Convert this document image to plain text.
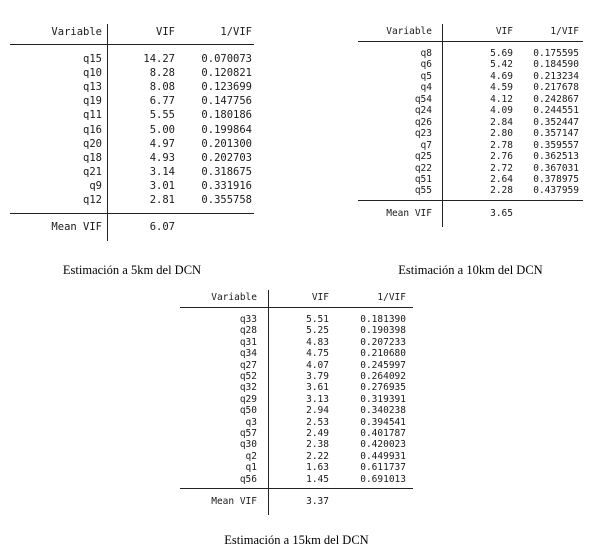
Variable	VIF	1/VIF
q15	14.27	0.070073
q10	8.28	0.120821
q13	8.08	0.123699
q19	6.77	0.147756
q11	5.55	0.180186
q16	5.00	0.199864
q20	4.97	0.201300
q18	4.93	0.202703
q21	3.14	0.318675
q9	3.01	0.331916
q12	2.81	0.355758
Mean VIF	6.07
Estimación a 5km del DCN
Variable	VIF	1/VIF
q8	5.69 0.175595
q6	5.42 0.184590
q5	4.69 0.213234
q4	4.59 0.217678
q54	4.12 0.242867
q24	4.09 0.244551
q26	2.84 0.352447
q23	2.80 0.357147
q7	2.78 0.359557
q25	2.76 0.362513
q22	2.72 0.367031
q51	2.64 0.378975
q55	2.28 0.437959
Mean VIF	3.65
Estimación a 10km del DCN
Variable	VIF	1/VIF
q33	5.51	0.181390
q28	5.25	0.190398
q31	4.83	0.207233
q34	4.75	0.210680
q27	4.07	0.245997
q52	3.79	0.264092
q32	3.61	0.276935
q29	3.13	0.319391
q50	2.94	0.340238
q3	2.53	0.394541
q57	2.49	0.401787
q30	2.38	0.420023
q2	2.22	0.449931
q1	1.63	0.611737
q56	1.45	0.691013
Mean VIF	3.37
Estimación a 15km del DCN
